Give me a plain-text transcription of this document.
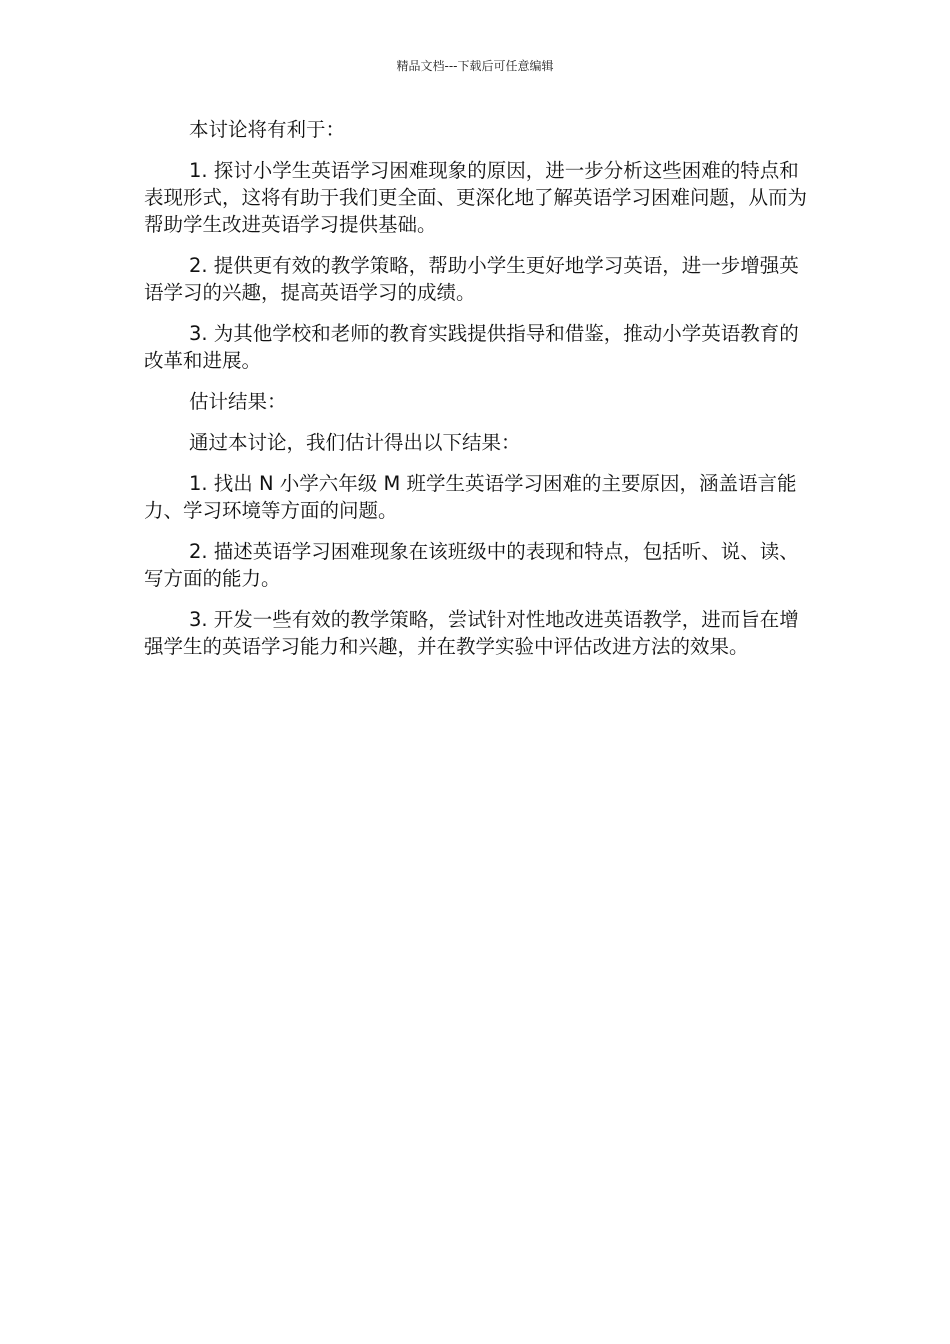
精品文档---下载后可任意编辑

本讨论将有利于：

1. 探讨小学生英语学习困难现象的原因，进一步分析这些困难的特点和表现形式，这将有助于我们更全面、更深化地了解英语学习困难问题，从而为帮助学生改进英语学习提供基础。

2. 提供更有效的教学策略，帮助小学生更好地学习英语，进一步增强英语学习的兴趣，提高英语学习的成绩。

3. 为其他学校和老师的教育实践提供指导和借鉴，推动小学英语教育的改革和进展。

估计结果：

通过本讨论，我们估计得出以下结果：

1. 找出 N 小学六年级 M 班学生英语学习困难的主要原因，涵盖语言能力、学习环境等方面的问题。

2. 描述英语学习困难现象在该班级中的表现和特点，包括听、说、读、写方面的能力。

3. 开发一些有效的教学策略，尝试针对性地改进英语教学，进而旨在增强学生的英语学习能力和兴趣，并在教学实验中评估改进方法的效果。
